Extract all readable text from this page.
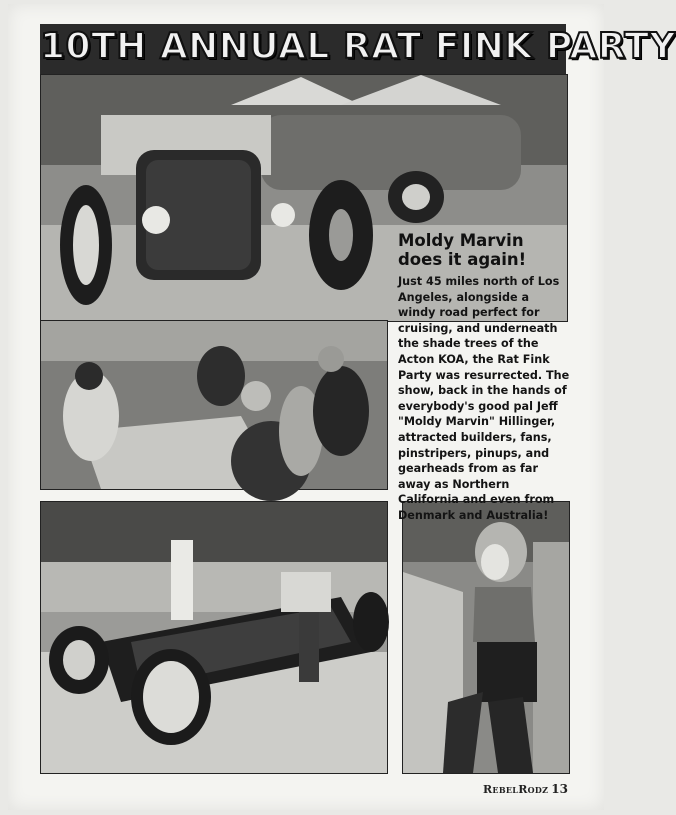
10TH ANNUAL RAT FINK PARTY
Moldy Marvin does it again!
Just 45 miles north of Los Angeles, alongside a windy road perfect for cruising, and underneath the shade trees of the Acton KOA, the Rat Fink Party was resurrected. The show, back in the hands of everybody's good pal Jeff "Moldy Marvin" Hillinger, attracted builders, fans, pinstripers, pinups, and gearheads from as far away as Northern California and even from Denmark and Australia!
RebelRodz 13
